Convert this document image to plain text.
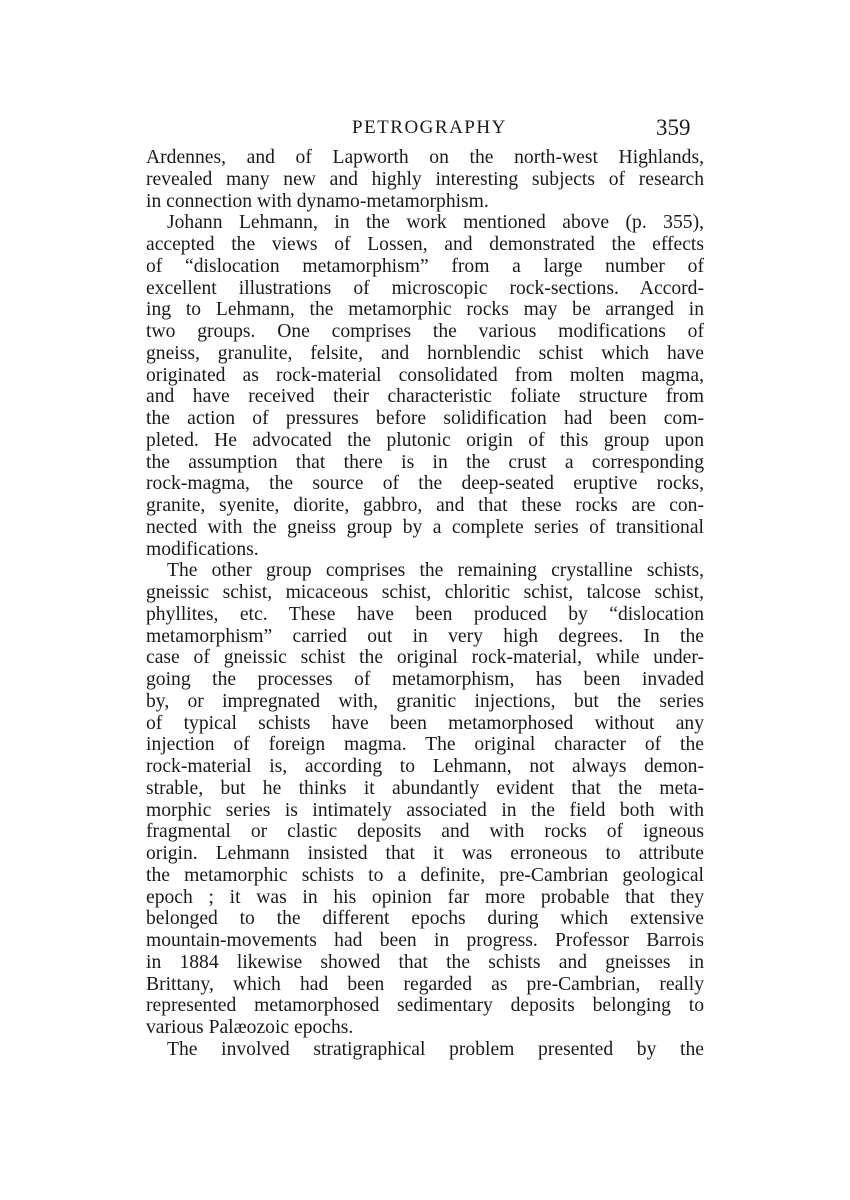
PETROGRAPHY	359
Ardennes, and of Lapworth on the north-west Highlands,
revealed many new and highly interesting subjects of research
in connection with dynamo-metamorphism.
Johann Lehmann, in the work mentioned above (p. 355),
accepted the views of Lossen, and demonstrated the effects
of “dislocation metamorphism” from a large number of
excellent illustrations of microscopic rock-sections. Accord-
ing to Lehmann, the metamorphic rocks may be arranged in
two groups. One comprises the various modifications of
gneiss, granulite, felsite, and hornblendic schist which have
originated as rock-material consolidated from molten magma,
and have received their characteristic foliate structure from
the action of pressures before solidification had been com-
pleted. He advocated the plutonic origin of this group upon
the assumption that there is in the crust a corresponding
rock-magma, the source of the deep-seated eruptive rocks,
granite, syenite, diorite, gabbro, and that these rocks are con-
nected with the gneiss group by a complete series of transitional
modifications.
The other group comprises the remaining crystalline schists,
gneissic schist, micaceous schist, chloritic schist, talcose schist,
phyllites, etc. These have been produced by “dislocation
metamorphism” carried out in very high degrees. In the
case of gneissic schist the original rock-material, while under-
going the processes of metamorphism, has been invaded
by, or impregnated with, granitic injections, but the series
of typical schists have been metamorphosed without any
injection of foreign magma. The original character of the
rock-material is, according to Lehmann, not always demon-
strable, but he thinks it abundantly evident that the meta-
morphic series is intimately associated in the field both with
fragmental or clastic deposits and with rocks of igneous
origin. Lehmann insisted that it was erroneous to attribute
the metamorphic schists to a definite, pre-Cambrian geological
epoch ; it was in his opinion far more probable that they
belonged to the different epochs during which extensive
mountain-movements had been in progress. Professor Barrois
in 1884 likewise showed that the schists and gneisses in
Brittany, which had been regarded as pre-Cambrian, really
represented metamorphosed sedimentary deposits belonging to
various Palæozoic epochs.
The involved stratigraphical problem presented by the
